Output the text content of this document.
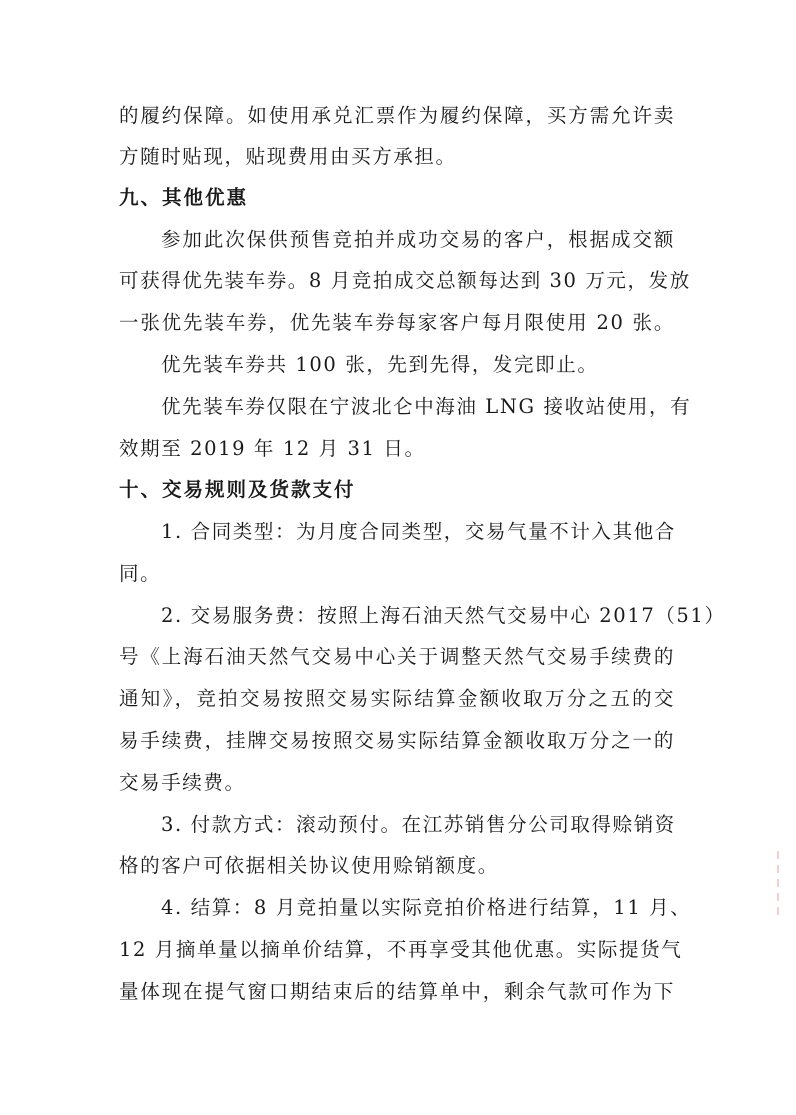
的履约保障。如使用承兑汇票作为履约保障，买方需允许卖
方随时贴现，贴现费用由买方承担。
九、其他优惠
参加此次保供预售竞拍并成功交易的客户，根据成交额
可获得优先装车券。8 月竞拍成交总额每达到 30 万元，发放
一张优先装车券，优先装车券每家客户每月限使用 20 张。
优先装车券共 100 张，先到先得，发完即止。
优先装车券仅限在宁波北仑中海油 LNG 接收站使用，有
效期至 2019 年 12 月 31 日。
十、交易规则及货款支付
1. 合同类型：为月度合同类型，交易气量不计入其他合
同。
2. 交易服务费：按照上海石油天然气交易中心 2017（51）
号《上海石油天然气交易中心关于调整天然气交易手续费的
通知》，竞拍交易按照交易实际结算金额收取万分之五的交
易手续费，挂牌交易按照交易实际结算金额收取万分之一的
交易手续费。
3. 付款方式：滚动预付。在江苏销售分公司取得赊销资
格的客户可依据相关协议使用赊销额度。
4. 结算：8 月竞拍量以实际竞拍价格进行结算，11 月、
12 月摘单量以摘单价结算，不再享受其他优惠。实际提货气
量体现在提气窗口期结束后的结算单中，剩余气款可作为下
